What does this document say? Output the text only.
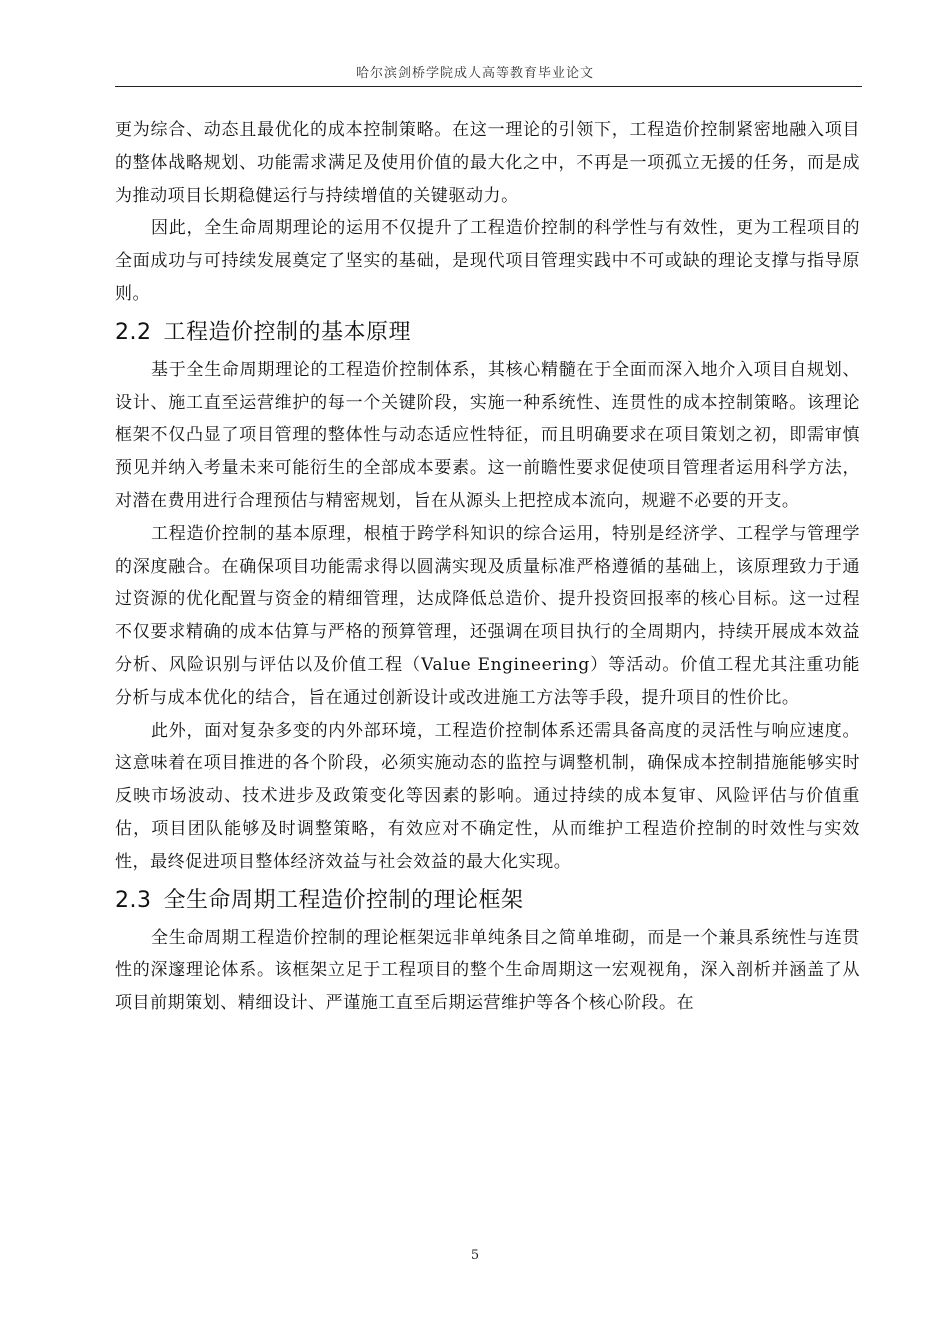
哈尔滨剑桥学院成人高等教育毕业论文

更为综合、动态且最优化的成本控制策略。在这一理论的引领下，工程造价控制紧密地融入项目的整体战略规划、功能需求满足及使用价值的最大化之中，不再是一项孤立无援的任务，而是成为推动项目长期稳健运行与持续增值的关键驱动力。

因此，全生命周期理论的运用不仅提升了工程造价控制的科学性与有效性，更为工程项目的全面成功与可持续发展奠定了坚实的基础，是现代项目管理实践中不可或缺的理论支撑与指导原则。

2.2 工程造价控制的基本原理

基于全生命周期理论的工程造价控制体系，其核心精髓在于全面而深入地介入项目自规划、设计、施工直至运营维护的每一个关键阶段，实施一种系统性、连贯性的成本控制策略。该理论框架不仅凸显了项目管理的整体性与动态适应性特征，而且明确要求在项目策划之初，即需审慎预见并纳入考量未来可能衍生的全部成本要素。这一前瞻性要求促使项目管理者运用科学方法，对潜在费用进行合理预估与精密规划，旨在从源头上把控成本流向，规避不必要的开支。

工程造价控制的基本原理，根植于跨学科知识的综合运用，特别是经济学、工程学与管理学的深度融合。在确保项目功能需求得以圆满实现及质量标准严格遵循的基础上，该原理致力于通过资源的优化配置与资金的精细管理，达成降低总造价、提升投资回报率的核心目标。这一过程不仅要求精确的成本估算与严格的预算管理，还强调在项目执行的全周期内，持续开展成本效益分析、风险识别与评估以及价值工程（Value Engineering）等活动。价值工程尤其注重功能分析与成本优化的结合，旨在通过创新设计或改进施工方法等手段，提升项目的性价比。

此外，面对复杂多变的内外部环境，工程造价控制体系还需具备高度的灵活性与响应速度。这意味着在项目推进的各个阶段，必须实施动态的监控与调整机制，确保成本控制措施能够实时反映市场波动、技术进步及政策变化等因素的影响。通过持续的成本复审、风险评估与价值重估，项目团队能够及时调整策略，有效应对不确定性，从而维护工程造价控制的时效性与实效性，最终促进项目整体经济效益与社会效益的最大化实现。

2.3 全生命周期工程造价控制的理论框架

全生命周期工程造价控制的理论框架远非单纯条目之简单堆砌，而是一个兼具系统性与连贯性的深邃理论体系。该框架立足于工程项目的整个生命周期这一宏观视角，深入剖析并涵盖了从项目前期策划、精细设计、严谨施工直至后期运营维护等各个核心阶段。在

5
